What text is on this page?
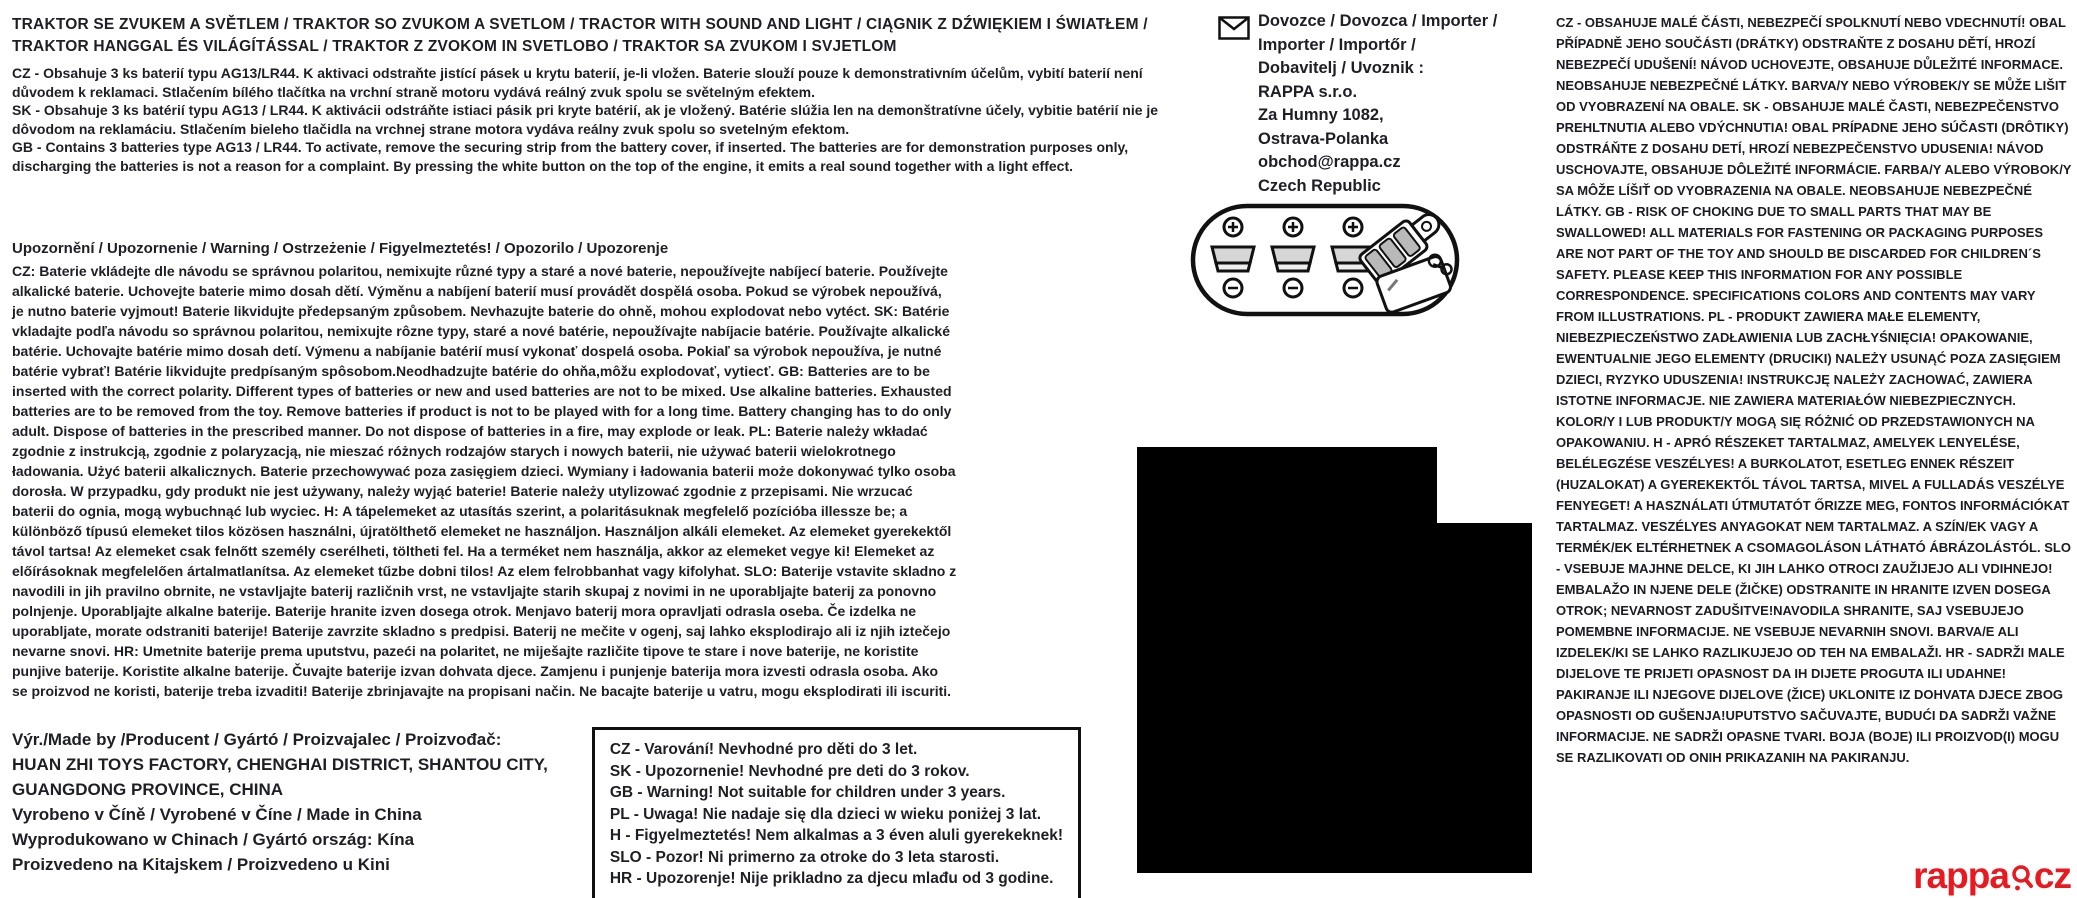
TRAKTOR SE ZVUKEM A SVĚTLEM / TRAKTOR SO ZVUKOM A SVETLOM / TRACTOR WITH SOUND AND LIGHT / CIĄGNIK Z DŹWIĘKIEM I ŚWIATŁEM / TRAKTOR HANGGAL ÉS VILÁGÍTÁSSAL / TRAKTOR Z ZVOKOM IN SVETLOBO / TRAKTOR SA ZVUKOM I SVJETLOM

CZ - Obsahuje 3 ks baterií typu AG13/LR44. K aktivaci odstraňte jistící pásek u krytu baterií, je-li vložen. Baterie slouží pouze k demonstrativním účelům, vybití baterií není důvodem k reklamaci. Stlačením bílého tlačítka na vrchní straně motoru vydává reálný zvuk spolu se světelným efektem.

SK - Obsahuje 3 ks batérií typu AG13 / LR44. K aktivácii odstráňte istiaci pásik pri kryte batérií, ak je vložený. Batérie slúžia len na demonštratívne účely, vybitie batérií nie je dôvodom na reklamáciu. Stlačením bieleho tlačidla na vrchnej strane motora vydáva reálny zvuk spolu so svetelným efektom.

GB - Contains 3 batteries type AG13 / LR44. To activate, remove the securing strip from the battery cover, if inserted. The batteries are for demonstration purposes only, discharging the batteries is not a reason for a complaint. By pressing the white button on the top of the engine, it emits a real sound together with a light effect.

Upozornění / Upozornenie / Warning / Ostrzeżenie / Figyelmeztetés! / Opozorilo / Upozorenje

CZ: Baterie vkládejte dle návodu se správnou polaritou, nemixujte různé typy a staré a nové baterie, nepoužívejte nabíjecí baterie. Používejte alkalické baterie. Uchovejte baterie mimo dosah dětí. Výměnu a nabíjení baterií musí provádět dospělá osoba. Pokud se výrobek nepoužívá, je nutno baterie vyjmout! Baterie likvidujte předepsaným způsobem. Nevhazujte baterie do ohně, mohou explodovat nebo vytéct. SK: Batérie vkladajte podľa návodu so správnou polaritou, nemixujte rôzne typy, staré a nové batérie, nepoužívajte nabíjacie batérie. Používajte alkalické batérie. Uchovajte batérie mimo dosah detí. Výmenu a nabíjanie batérií musí vykonať dospelá osoba. Pokiaľ sa výrobok nepoužíva, je nutné batérie vybrať! Batérie likvidujte predpísaným spôsobom.Neodhadzujte batérie do ohňa,môžu explodovať, vytiecť. GB: Batteries are to be inserted with the correct polarity. Different types of batteries or new and used batteries are not to be mixed. Use alkaline batteries. Exhausted batteries are to be removed from the toy. Remove batteries if product is not to be played with for a long time. Battery changing has to do only adult. Dispose of batteries in the prescribed manner. Do not dispose of batteries in a fire, may explode or leak. PL: Baterie należy wkładać zgodnie z instrukcją, zgodnie z polaryzacją, nie mieszać różnych rodzajów starych i nowych baterii, nie używać baterii wielokrotnego ładowania. Użyć baterii alkalicznych. Baterie przechowywać poza zasięgiem dzieci. Wymiany i ładowania baterii może dokonywać tylko osoba dorosła. W przypadku, gdy produkt nie jest używany, należy wyjąć baterie! Baterie należy utylizować zgodnie z przepisami. Nie wrzucać baterii do ognia, mogą wybuchnąć lub wyciec. H: A tápelemeket az utasítás szerint, a polaritásuknak megfelelő pozícióba illessze be; a különböző típusú elemeket tilos közösen használni, újratölthető elemeket ne használjon. Használjon alkáli elemeket. Az elemeket gyerekektől távol tartsa! Az elemeket csak felnőtt személy cserélheti, töltheti fel. Ha a terméket nem használja, akkor az elemeket vegye ki! Elemeket az előírásoknak megfelelően ártalmatlanítsa. Az elemeket tűzbe dobni tilos! Az elem felrobbanhat vagy kifolyhat. SLO: Baterije vstavite skladno z navodili in jih pravilno obrnite, ne vstavljajte baterij različnih vrst, ne vstavljajte starih skupaj z novimi in ne uporabljajte baterij za ponovno polnjenje. Uporabljajte alkalne baterije. Baterije hranite izven dosega otrok. Menjavo baterij mora opravljati odrasla oseba. Če izdelka ne uporabljate, morate odstraniti baterije! Baterije zavrzite skladno s predpisi. Baterij ne mečite v ogenj, saj lahko eksplodirajo ali iz njih iztečejo nevarne snovi. HR: Umetnite baterije prema uputstvu, pazeći na polaritet, ne miješajte različite tipove te stare i nove baterije, ne koristite punjive baterije. Koristite alkalne baterije. Čuvajte baterije izvan dohvata djece. Zamjenu i punjenje baterija mora izvesti odrasla osoba. Ako se proizvod ne koristi, baterije treba izvaditi! Baterije zbrinjavajte na propisani način. Ne bacajte baterije u vatru, mogu eksplodirati ili iscuriti.

Výr./Made by /Producent / Gyártó / Proizvajalec / Proizvođač:
HUAN ZHI TOYS FACTORY, CHENGHAI DISTRICT, SHANTOU CITY,
GUANGDONG PROVINCE, CHINA
Vyrobeno v Číně / Vyrobené v Číne / Made in China
Wyprodukowano w Chinach / Gyártó ország: Kína
Proizvedeno na Kitajskem / Proizvedeno u Kini
CZ - Varování! Nevhodné pro děti do 3 let.
SK - Upozornenie! Nevhodné pre deti do 3 rokov.
GB - Warning! Not suitable for children under 3 years.
PL - Uwaga! Nie nadaje się dla dzieci w wieku poniżej 3 lat.
H - Figyelmeztetés! Nem alkalmas a 3 éven aluli gyerekeknek!
SLO - Pozor! Ni primerno za otroke do 3 leta starosti.
HR - Upozorenje! Nije prikladno za djecu mlađu od 3 godine.
Dovozce / Dovozca / Importer /
Importer / Importőr /
Dobavitelj / Uvoznik :
RAPPA s.r.o.
Za Humny 1082,
Ostrava-Polanka
obchod@rappa.cz
Czech Republic

CZ - OBSAHUJE MALÉ ČÁSTI, NEBEZPEČÍ SPOLKNUTÍ NEBO VDECHNUTÍ! OBAL PŘÍPADNĚ JEHO SOUČÁSTI (DRÁTKY) ODSTRAŇTE Z DOSAHU DĚTÍ, HROZÍ NEBEZPEČÍ UDUŠENÍ! NÁVOD UCHOVEJTE, OBSAHUJE DŮLEŽITÉ INFORMACE. NEOBSAHUJE NEBEZPEČNÉ LÁTKY. BARVA/Y NEBO VÝROBEK/Y SE MŮŽE LIŠIT OD VYOBRAZENÍ NA OBALE. SK - OBSAHUJE MALÉ ČASTI, NEBEZPEČENSTVO PREHLTNUTIA ALEBO VDÝCHNUTIA! OBAL PRÍPADNE JEHO SÚČASTI (DRÔTIKY) ODSTRÁŇTE Z DOSAHU DETÍ, HROZÍ NEBEZPEČENSTVO UDUSENIA! NÁVOD USCHOVAJTE, OBSAHUJE DÔLEŽITÉ INFORMÁCIE. FARBA/Y ALEBO VÝROBOK/Y SA MÔŽE LÍŠIŤ OD VYOBRAZENIA NA OBALE. NEOBSAHUJE NEBEZPEČNÉ LÁTKY. GB - RISK OF CHOKING DUE TO SMALL PARTS THAT MAY BE SWALLOWED! ALL MATERIALS FOR FASTENING OR PACKAGING PURPOSES ARE NOT PART OF THE TOY AND SHOULD BE DISCARDED FOR CHILDREN´S SAFETY. PLEASE KEEP THIS INFORMATION FOR ANY POSSIBLE CORRESPONDENCE. SPECIFICATIONS COLORS AND CONTENTS MAY VARY FROM ILLUSTRATIONS. PL - PRODUKT ZAWIERA MAŁE ELEMENTY, NIEBEZPIECZEŃSTWO ZADŁAWIENIA LUB ZACHŁYŚNIĘCIA! OPAKOWANIE, EWENTUALNIE JEGO ELEMENTY (DRUCIKI) NALEŻY USUNĄĆ POZA ZASIĘGIEM DZIECI, RYZYKO UDUSZENIA! INSTRUKCJĘ NALEŻY ZACHOWAĆ, ZAWIERA ISTOTNE INFORMACJE. NIE ZAWIERA MATERIAŁÓW NIEBEZPIECZNYCH. KOLOR/Y I LUB PRODUKT/Y MOGĄ SIĘ RÓŻNIĆ OD PRZEDSTAWIONYCH NA OPAKOWANIU. H - APRÓ RÉSZEKET TARTALMAZ, AMELYEK LENYELÉSE, BELÉLEGZÉSE VESZÉLYES! A BURKOLATOT, ESETLEG ENNEK RÉSZEIT (HUZALOKAT) A GYEREKEKTŐL TÁVOL TARTSA, MIVEL A FULLADÁS VESZÉLYE FENYEGET! A HASZNÁLATI ÚTMUTATÓT ŐRIZZE MEG, FONTOS INFORMÁCIÓKAT TARTALMAZ. VESZÉLYES ANYAGOKAT NEM TARTALMAZ. A SZÍN/EK VAGY A TERMÉK/EK ELTÉRHETNEK A CSOMAGOLÁSON LÁTHATÓ ÁBRÁZOLÁSTÓL. SLO - VSEBUJE MAJHNE DELCE, KI JIH LAHKO OTROCI ZAUŽIJEJO ALI VDIHNEJO! EMBALAŽO IN NJENE DELE (ŽIČKE) ODSTRANITE IN HRANITE IZVEN DOSEGA OTROK; NEVARNOST ZADUŠITVE!NAVODILA SHRANITE, SAJ VSEBUJEJO POMEMBNE INFORMACIJE. NE VSEBUJE NEVARNIH SNOVI. BARVA/E ALI IZDELEK/KI SE LAHKO RAZLIKUJEJO OD TEH NA EMBALAŽI. HR - SADRŽI MALE DIJELOVE TE PRIJETI OPASNOST DA IH DIJETE PROGUTA ILI UDAHNE! PAKIRANJE ILI NJEGOVE DIJELOVE (ŽICE) UKLONITE IZ DOHVATA DJECE ZBOG OPASNOSTI OD GUŠENJA!UPUTSTVO SAČUVAJTE, BUDUĆI DA SADRŽI VAŽNE INFORMACIJE. NE SADRŽI OPASNE TVARI. BOJA (BOJE) ILI PROIZVOD(I) MOGU SE RAZLIKOVATI OD ONIH PRIKAZANIH NA PAKIRANJU.

rappa cz
